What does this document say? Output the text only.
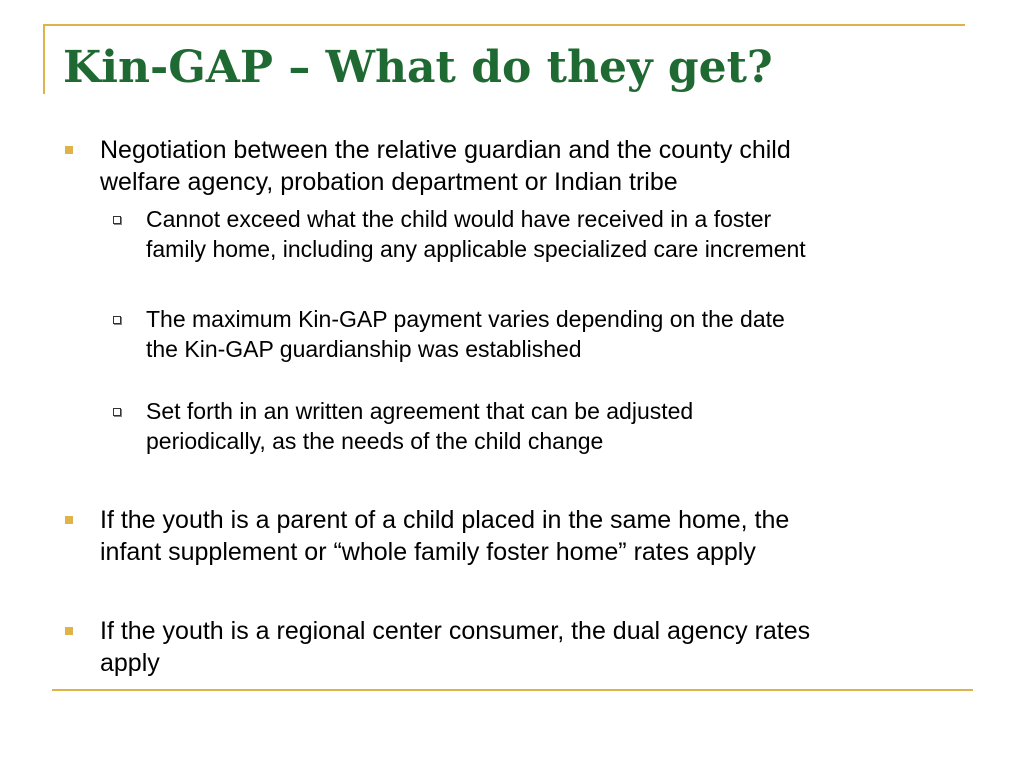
Kin-GAP – What do they get?
Negotiation between the relative guardian and the county child
welfare agency, probation department or Indian tribe
Cannot exceed what the child would have received in a foster
family home, including any applicable specialized care increment
The maximum Kin-GAP payment varies depending on the date
the Kin-GAP guardianship was established
Set forth in an written agreement that can be adjusted
periodically, as the needs of the child change
If the youth is a parent of a child placed in the same home, the
infant supplement or “whole family foster home” rates apply
If the youth is a regional center consumer, the dual agency rates
apply
